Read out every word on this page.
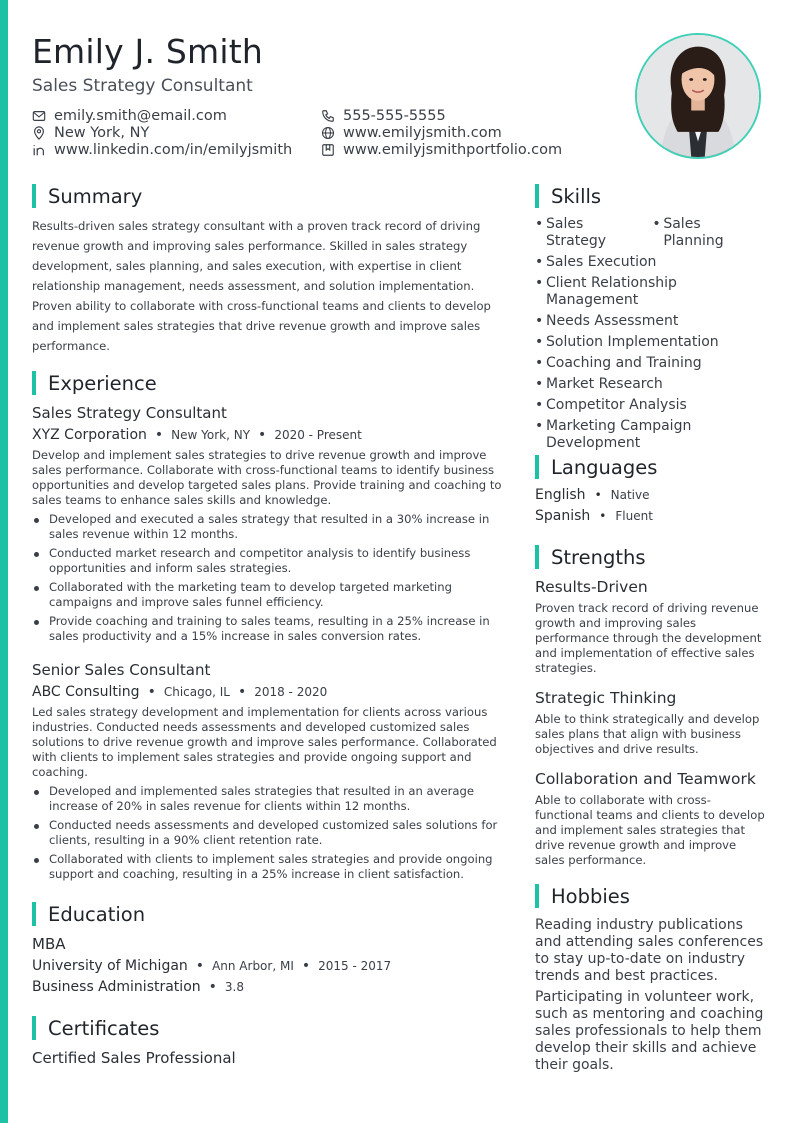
Emily J. Smith
Sales Strategy Consultant
emily.smith@email.com	555-555-5555
New York, NY	www.emilyjsmith.com
www.linkedin.com/in/emilyjsmith	www.emilyjsmithportfolio.com
Summary
Results-driven sales strategy consultant with a proven track record of driving revenue growth and improving sales performance. Skilled in sales strategy development, sales planning, and sales execution, with expertise in client relationship management, needs assessment, and solution implementation. Proven ability to collaborate with cross-functional teams and clients to develop and implement sales strategies that drive revenue growth and improve sales performance.
Experience
Sales Strategy Consultant
XYZ Corporation • New York, NY • 2020 - Present
Develop and implement sales strategies to drive revenue growth and improve sales performance. Collaborate with cross-functional teams to identify business opportunities and develop targeted sales plans. Provide training and coaching to sales teams to enhance sales skills and knowledge.
Developed and executed a sales strategy that resulted in a 30% increase in sales revenue within 12 months.
Conducted market research and competitor analysis to identify business opportunities and inform sales strategies.
Collaborated with the marketing team to develop targeted marketing campaigns and improve sales funnel efficiency.
Provide coaching and training to sales teams, resulting in a 25% increase in sales productivity and a 15% increase in sales conversion rates.
Senior Sales Consultant
ABC Consulting • Chicago, IL • 2018 - 2020
Led sales strategy development and implementation for clients across various industries. Conducted needs assessments and developed customized sales solutions to drive revenue growth and improve sales performance. Collaborated with clients to implement sales strategies and provide ongoing support and coaching.
Developed and implemented sales strategies that resulted in an average increase of 20% in sales revenue for clients within 12 months.
Conducted needs assessments and developed customized sales solutions for clients, resulting in a 90% client retention rate.
Collaborated with clients to implement sales strategies and provide ongoing support and coaching, resulting in a 25% increase in client satisfaction.
Education
MBA
University of Michigan • Ann Arbor, MI • 2015 - 2017
Business Administration • 3.8
Certificates
Certified Sales Professional
Skills
• Sales Strategy
• Sales Planning
• Sales Execution
• Client Relationship Management
• Needs Assessment
• Solution Implementation
• Coaching and Training
• Market Research
• Competitor Analysis
• Marketing Campaign Development
Languages
English • Native
Spanish • Fluent
Strengths
Results-Driven
Proven track record of driving revenue growth and improving sales performance through the development and implementation of effective sales strategies.
Strategic Thinking
Able to think strategically and develop sales plans that align with business objectives and drive results.
Collaboration and Teamwork
Able to collaborate with cross-functional teams and clients to develop and implement sales strategies that drive revenue growth and improve sales performance.
Hobbies
Reading industry publications and attending sales conferences to stay up-to-date on industry trends and best practices.
Participating in volunteer work, such as mentoring and coaching sales professionals to help them develop their skills and achieve their goals.
